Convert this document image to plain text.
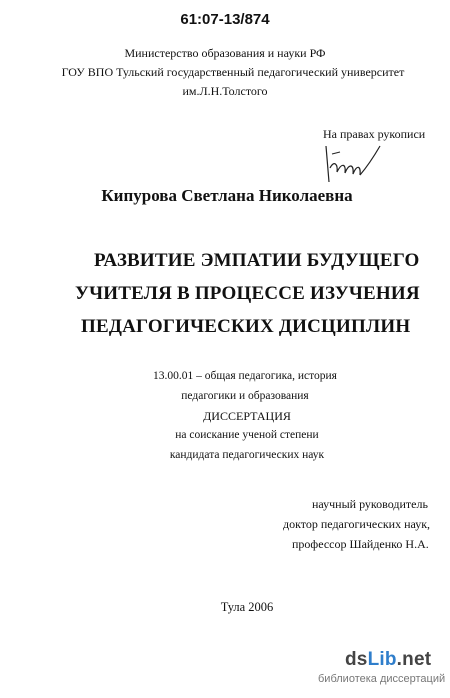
61:07-13/874
Министерство образования и науки РФ
ГОУ ВПО Тульский государственный педагогический университет
им.Л.Н.Толстого
На правах рукописи
Кипурова Светлана Николаевна
РАЗВИТИЕ ЭМПАТИИ БУДУЩЕГО
УЧИТЕЛЯ В ПРОЦЕССЕ ИЗУЧЕНИЯ
ПЕДАГОГИЧЕСКИХ ДИСЦИПЛИН
13.00.01 – общая педагогика, история
педагогики и образования
ДИССЕРТАЦИЯ
на соискание ученой степени
кандидата педагогических наук
научный руководитель
доктор педагогических наук,
профессор Шайденко Н.А.
Тула 2006
dsLib.net
библиотека диссертаций
